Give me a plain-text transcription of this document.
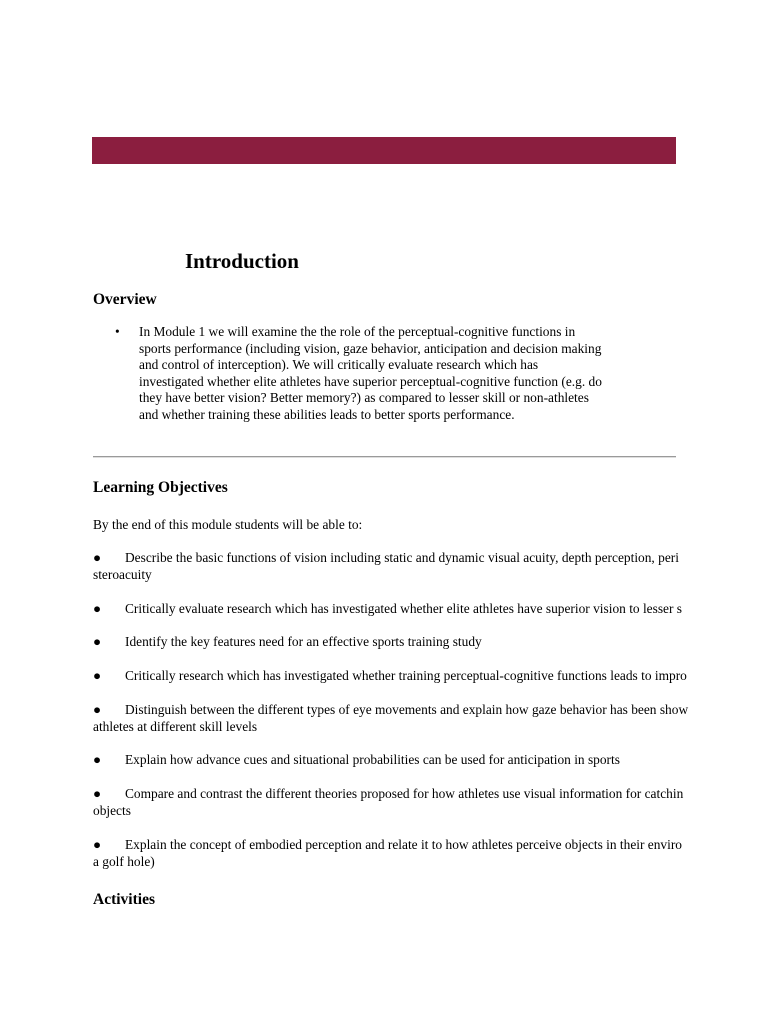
Introduction
Overview
• In Module 1 we will examine the the role of the perceptual-cognitive functions in
sports performance (including vision, gaze behavior, anticipation and decision making
and control of interception). We will critically evaluate research which has
investigated whether elite athletes have superior perceptual-cognitive function (e.g. do
they have better vision? Better memory?) as compared to lesser skill or non-athletes
and whether training these abilities leads to better sports performance.
Learning Objectives

By the end of this module students will be able to:

● Describe the basic functions of vision including static and dynamic visual acuity, depth perception, peri
steroacuity
● Critically evaluate research which has investigated whether elite athletes have superior vision to lesser s
● Identify the key features need for an effective sports training study
● Critically research which has investigated whether training perceptual-cognitive functions leads to impro
● Distinguish between the different types of eye movements and explain how gaze behavior has been show
athletes at different skill levels
● Explain how advance cues and situational probabilities can be used for anticipation in sports
● Compare and contrast the different theories proposed for how athletes use visual information for catchin
objects
● Explain the concept of embodied perception and relate it to how athletes perceive objects in their enviro
a golf hole)
Activities
